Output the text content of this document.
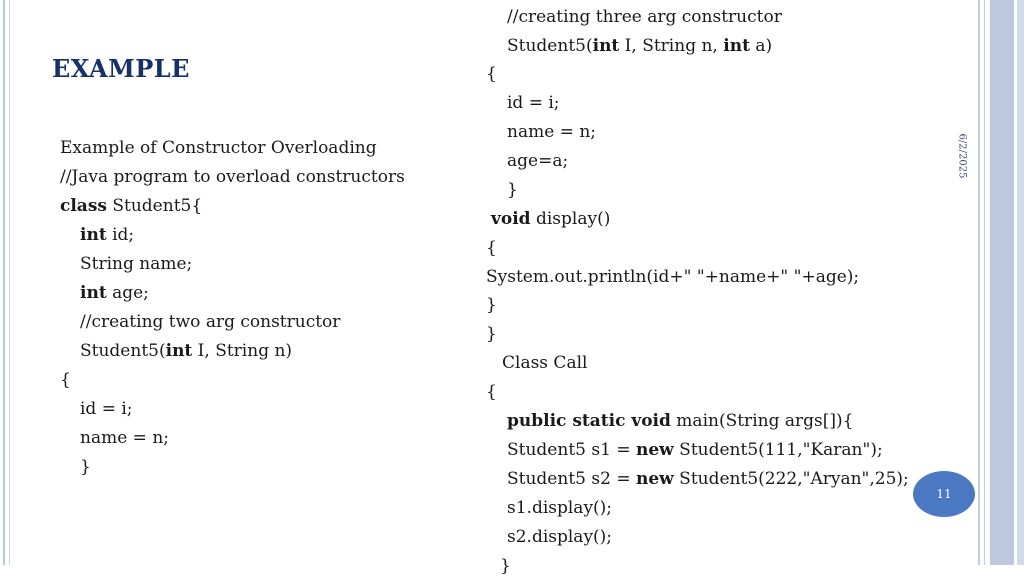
EXAMPLE
6/2/2025
Example of Constructor Overloading
//Java program to overload constructors
class Student5{
int id;
String name;
int age;
//creating two arg constructor
Student5(int I, String n)
{
id = i;
name = n;
}
//creating three arg constructor
Student5(int I, String n, int a)
{
id = i;
name = n;
age=a;
}
void display()
{
System.out.println(id+" "+name+" "+age);
}
}
Class Call
{
public static void main(String args[]){
Student5 s1 = new Student5(111,"Karan");
Student5 s2 = new Student5(222,"Aryan",25);
s1.display();
s2.display();
}
11
